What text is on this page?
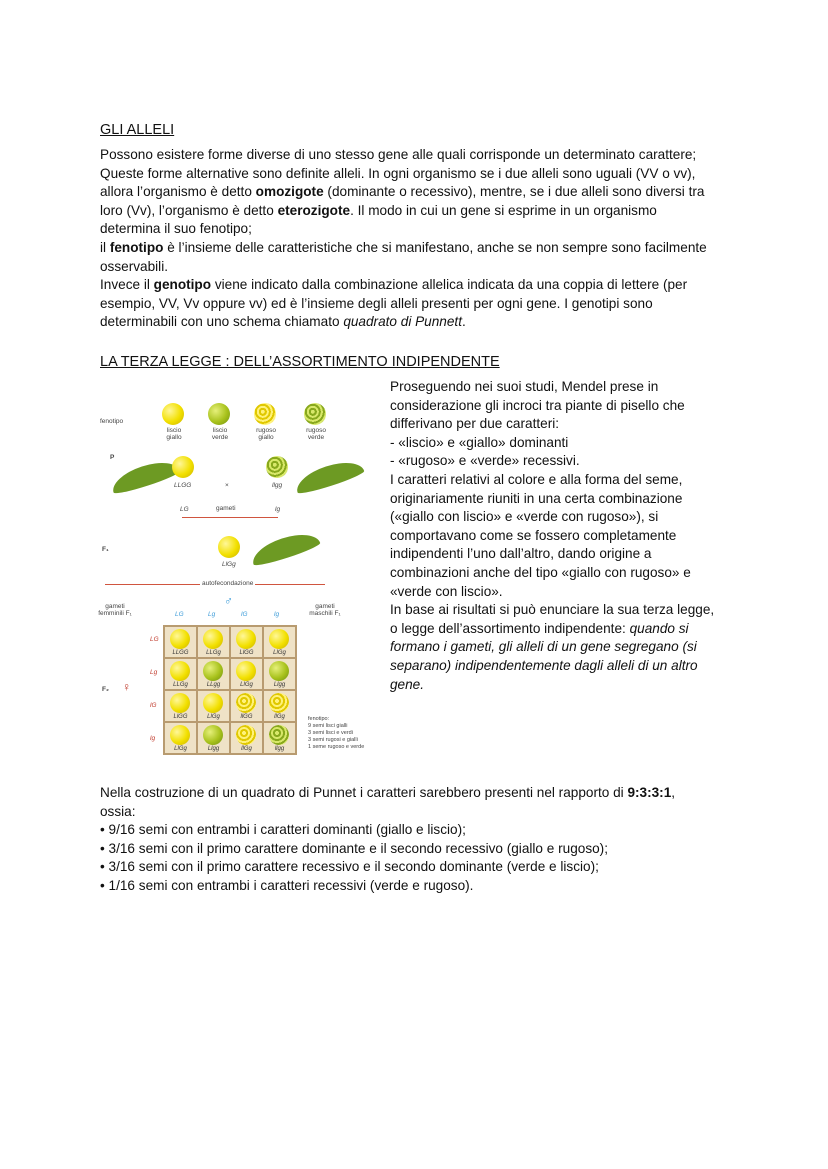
GLI ALLELI
Possono esistere forme diverse di uno stesso gene alle quali corrisponde un determinato carattere;
Queste forme alternative sono definite alleli. In ogni organismo se i due alleli sono uguali (VV o vv),
allora l’organismo è detto omozigote (dominante o recessivo), mentre, se i due alleli sono diversi tra
loro (Vv), l’organismo è detto eterozigote. Il modo in cui un gene si esprime in un organismo
determina il suo fenotipo;
il fenotipo è l’insieme delle caratteristiche che si manifestano, anche se non sempre sono facilmente
osservabili.
Invece il genotipo viene indicato dalla combinazione allelica indicata da una coppia di lettere (per
esempio, VV, Vv oppure vv) ed è l’insieme degli alleli presenti per ogni gene. I genotipi sono
determinabili con uno schema chiamato quadrato di Punnett.
LA TERZA LEGGE : DELL’ASSORTIMENTO INDIPENDENTE
Proseguendo nei suoi studi, Mendel prese in
considerazione gli incroci tra piante di pisello che
differivano per due caratteri:
- «liscio» e «giallo» dominanti
- «rugoso» e «verde» recessivi.
I caratteri relativi al colore e alla forma del seme,
originariamente riuniti in una certa combinazione
(«giallo con liscio» e «verde con rugoso»), si
comportavano come se fossero completamente
indipendenti l’uno dall’altro, dando origine a
combinazioni anche del tipo «giallo con rugoso» e
«verde con liscio».
In base ai risultati si può enunciare la sua terza legge,
o legge dell’assortimento indipendente: quando si
formano i gameti, gli alleli di un gene segregano (si
separano) indipendentemente dagli alleli di un altro
gene.
fenotipo
liscio giallo
liscio verde
rugoso giallo
rugoso verde
P
LLGG	×	llgg
LG	gameti	lg
F₁
LlGg
autofecondazione
♂
gameti femminili F₁
gameti maschili F₁
LG	Lg	lG	lg
LG
Lg
lG
lg
F₂ ♀
LLGG	LLGg	LlGG	LlGg
LLGg	LLgg	LlGg	Llgg
LlGG	LlGg	llGG	llGg
LlGg	Llgg	llGg	llgg
fenotipo:
9 semi lisci gialli
3 semi lisci e verdi
3 semi rugosi e gialli
1 seme rugoso e verde
Nella costruzione di un quadrato di Punnet i caratteri sarebbero presenti nel rapporto di 9:3:3:1,
ossia:
• 9/16 semi con entrambi i caratteri dominanti (giallo e liscio);
• 3/16 semi con il primo carattere dominante e il secondo recessivo (giallo e rugoso);
• 3/16 semi con il primo carattere recessivo e il secondo dominante (verde e liscio);
• 1/16 semi con entrambi i caratteri recessivi (verde e rugoso).
